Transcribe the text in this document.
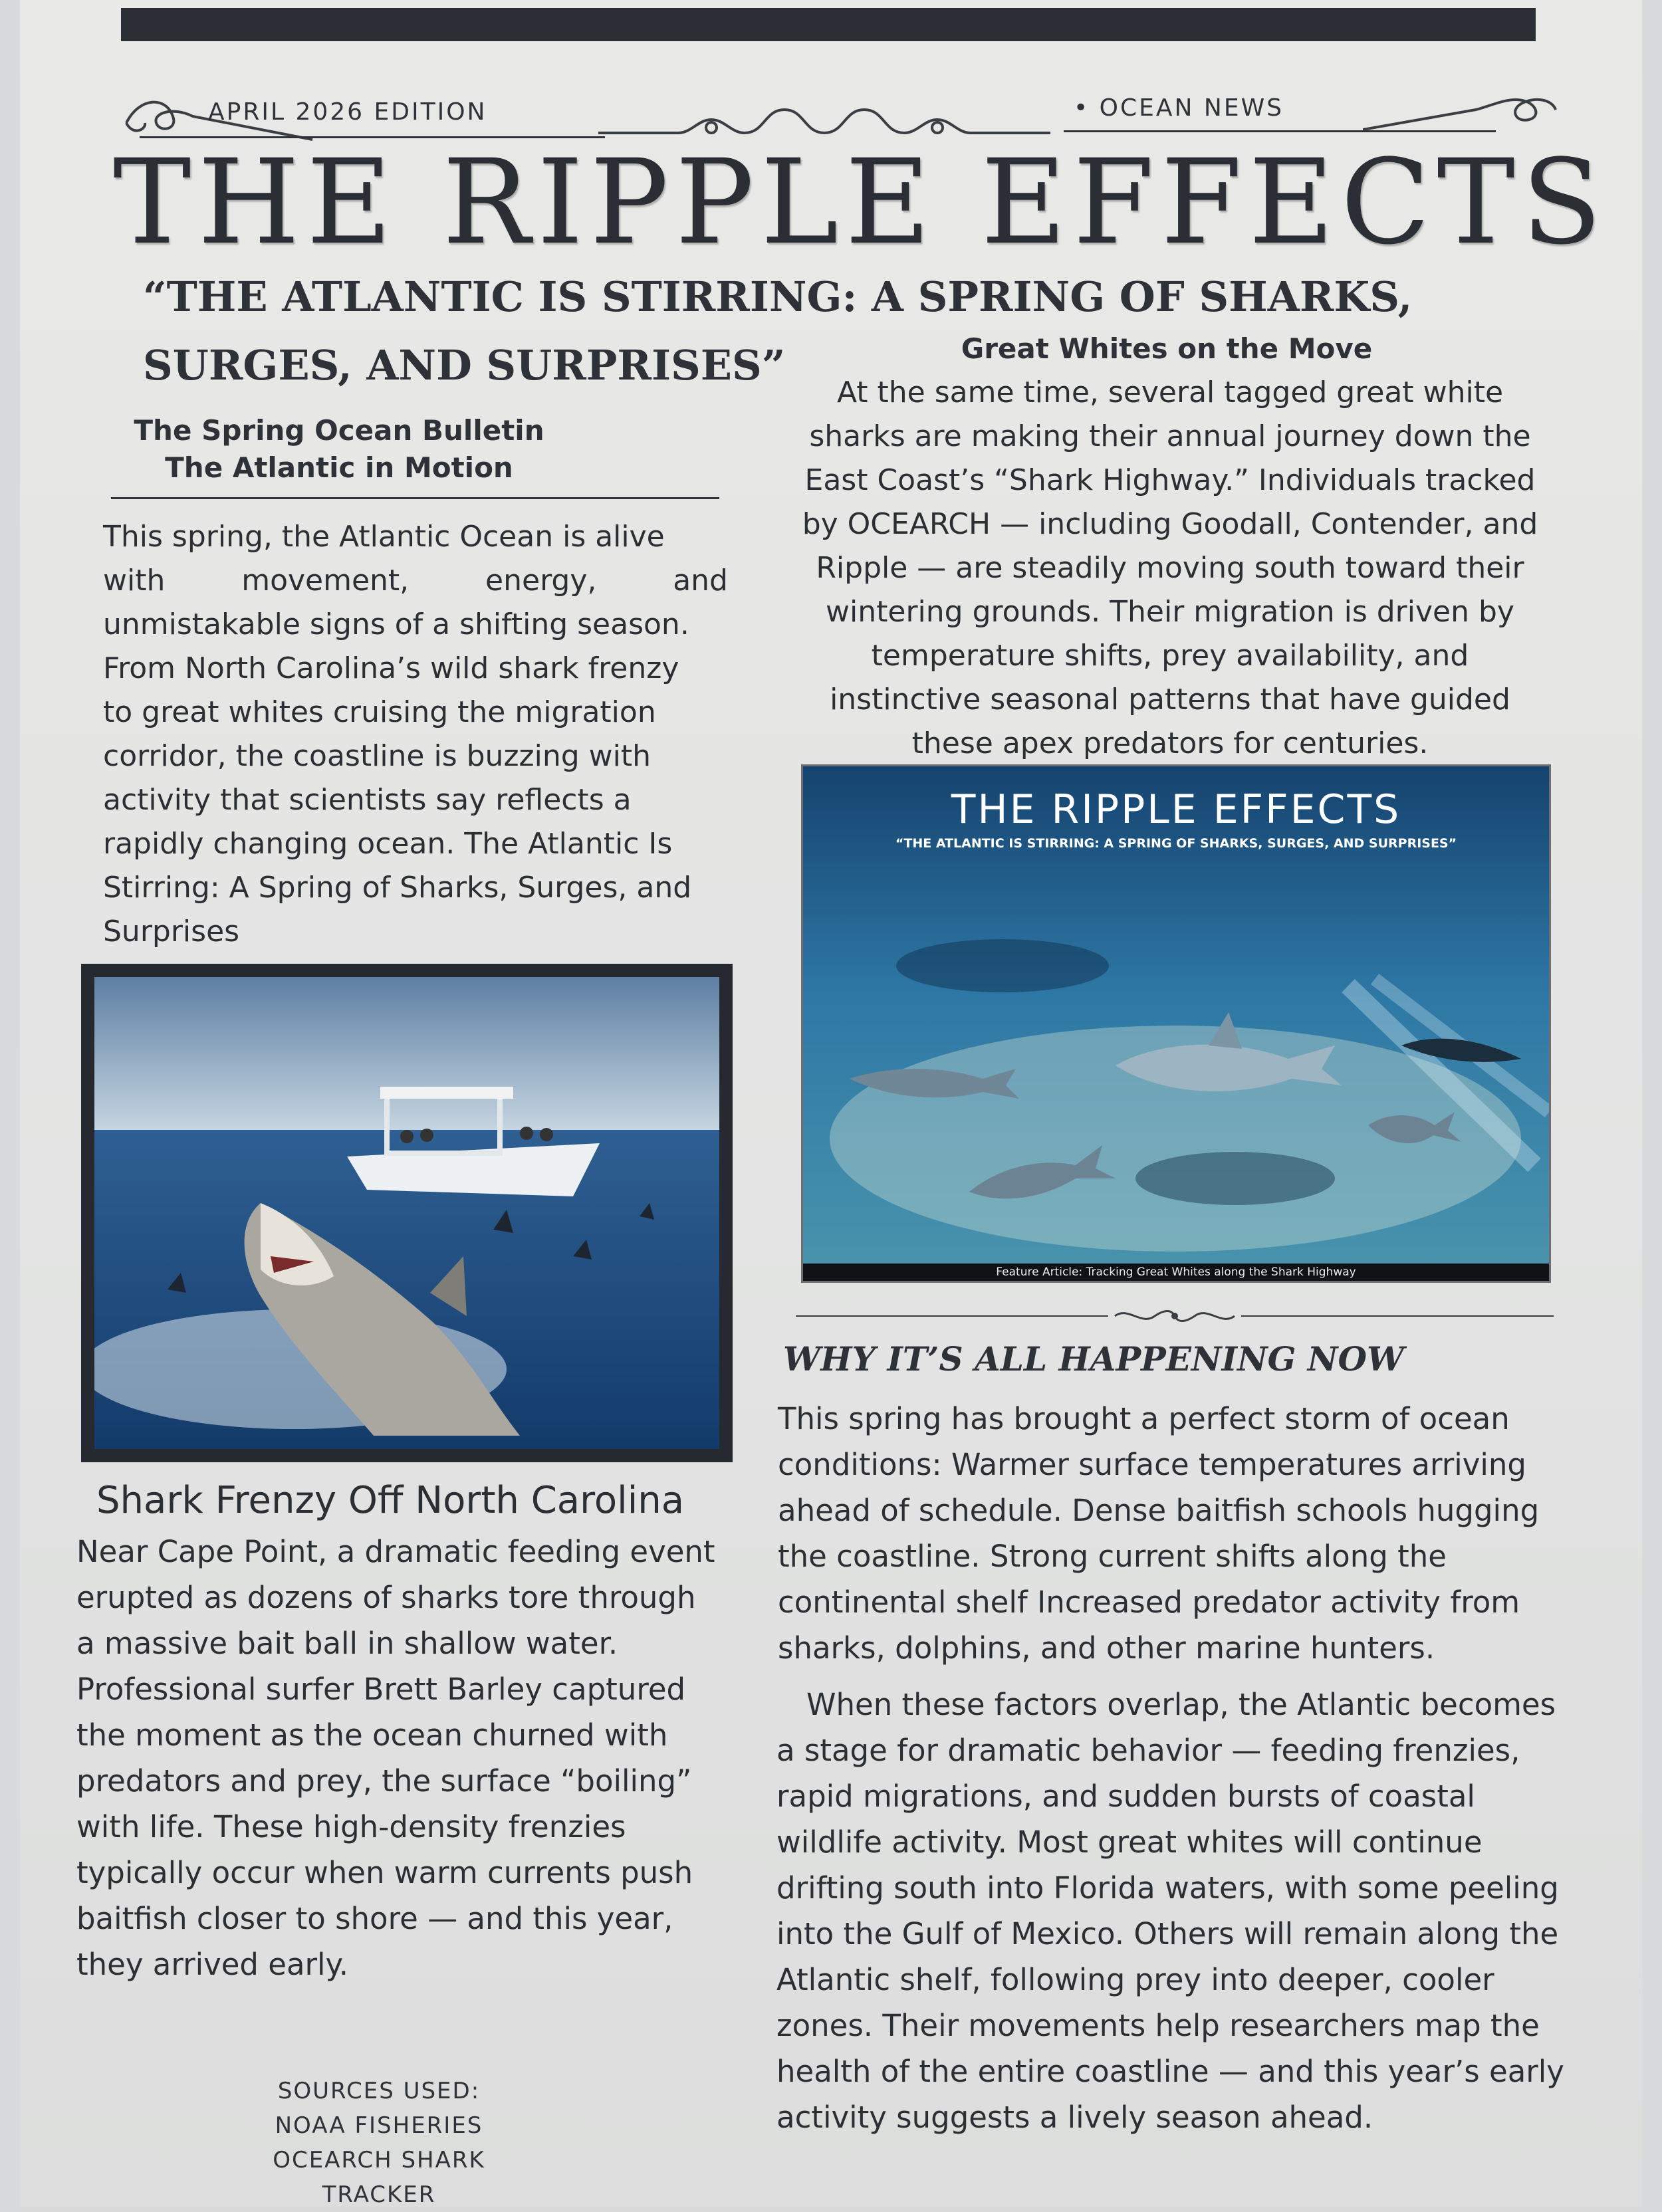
APRIL 2026 EDITION	• OCEAN NEWS
THE RIPPLE EFFECTS
“THE ATLANTIC IS STIRRING: A SPRING OF SHARKS,
SURGES, AND SURPRISES”
The Spring Ocean Bulletin
The Atlantic in Motion
This spring, the Atlantic Ocean is alive
with movement, energy, and
unmistakable signs of a shifting season.
From North Carolina’s wild shark frenzy
to great whites cruising the migration
corridor, the coastline is buzzing with
activity that scientists say reflects a
rapidly changing ocean. The Atlantic Is
Stirring: A Spring of Sharks, Surges, and
Surprises
Great Whites on the Move
At the same time, several tagged great white
sharks are making their annual journey down the
East Coast’s “Shark Highway.” Individuals tracked
by OCEARCH — including Goodall, Contender, and
Ripple — are steadily moving south toward their
wintering grounds. Their migration is driven by
temperature shifts, prey availability, and
instinctive seasonal patterns that have guided
these apex predators for centuries.
Shark Frenzy Off North Carolina
Near Cape Point, a dramatic feeding event
erupted as dozens of sharks tore through
a massive bait ball in shallow water.
Professional surfer Brett Barley captured
the moment as the ocean churned with
predators and prey, the surface “boiling”
with life. These high-density frenzies
typically occur when warm currents push
baitfish closer to shore — and this year,
they arrived early.
THE RIPPLE EFFECTS
“THE ATLANTIC IS STIRRING: A SPRING OF SHARKS, SURGES, AND SURPRISES”
Feature Article: Tracking Great Whites along the Shark Highway
WHY IT’S ALL HAPPENING NOW
This spring has brought a perfect storm of ocean
conditions: Warmer surface temperatures arriving
ahead of schedule. Dense baitfish schools hugging
the coastline. Strong current shifts along the
continental shelf Increased predator activity from
sharks, dolphins, and other marine hunters.
When these factors overlap, the Atlantic becomes
a stage for dramatic behavior — feeding frenzies,
rapid migrations, and sudden bursts of coastal
wildlife activity. Most great whites will continue
drifting south into Florida waters, with some peeling
into the Gulf of Mexico. Others will remain along the
Atlantic shelf, following prey into deeper, cooler
zones. Their movements help researchers map the
health of the entire coastline — and this year’s early
activity suggests a lively season ahead.
SOURCES USED:
NOAA FISHERIES
OCEARCH SHARK TRACKER
